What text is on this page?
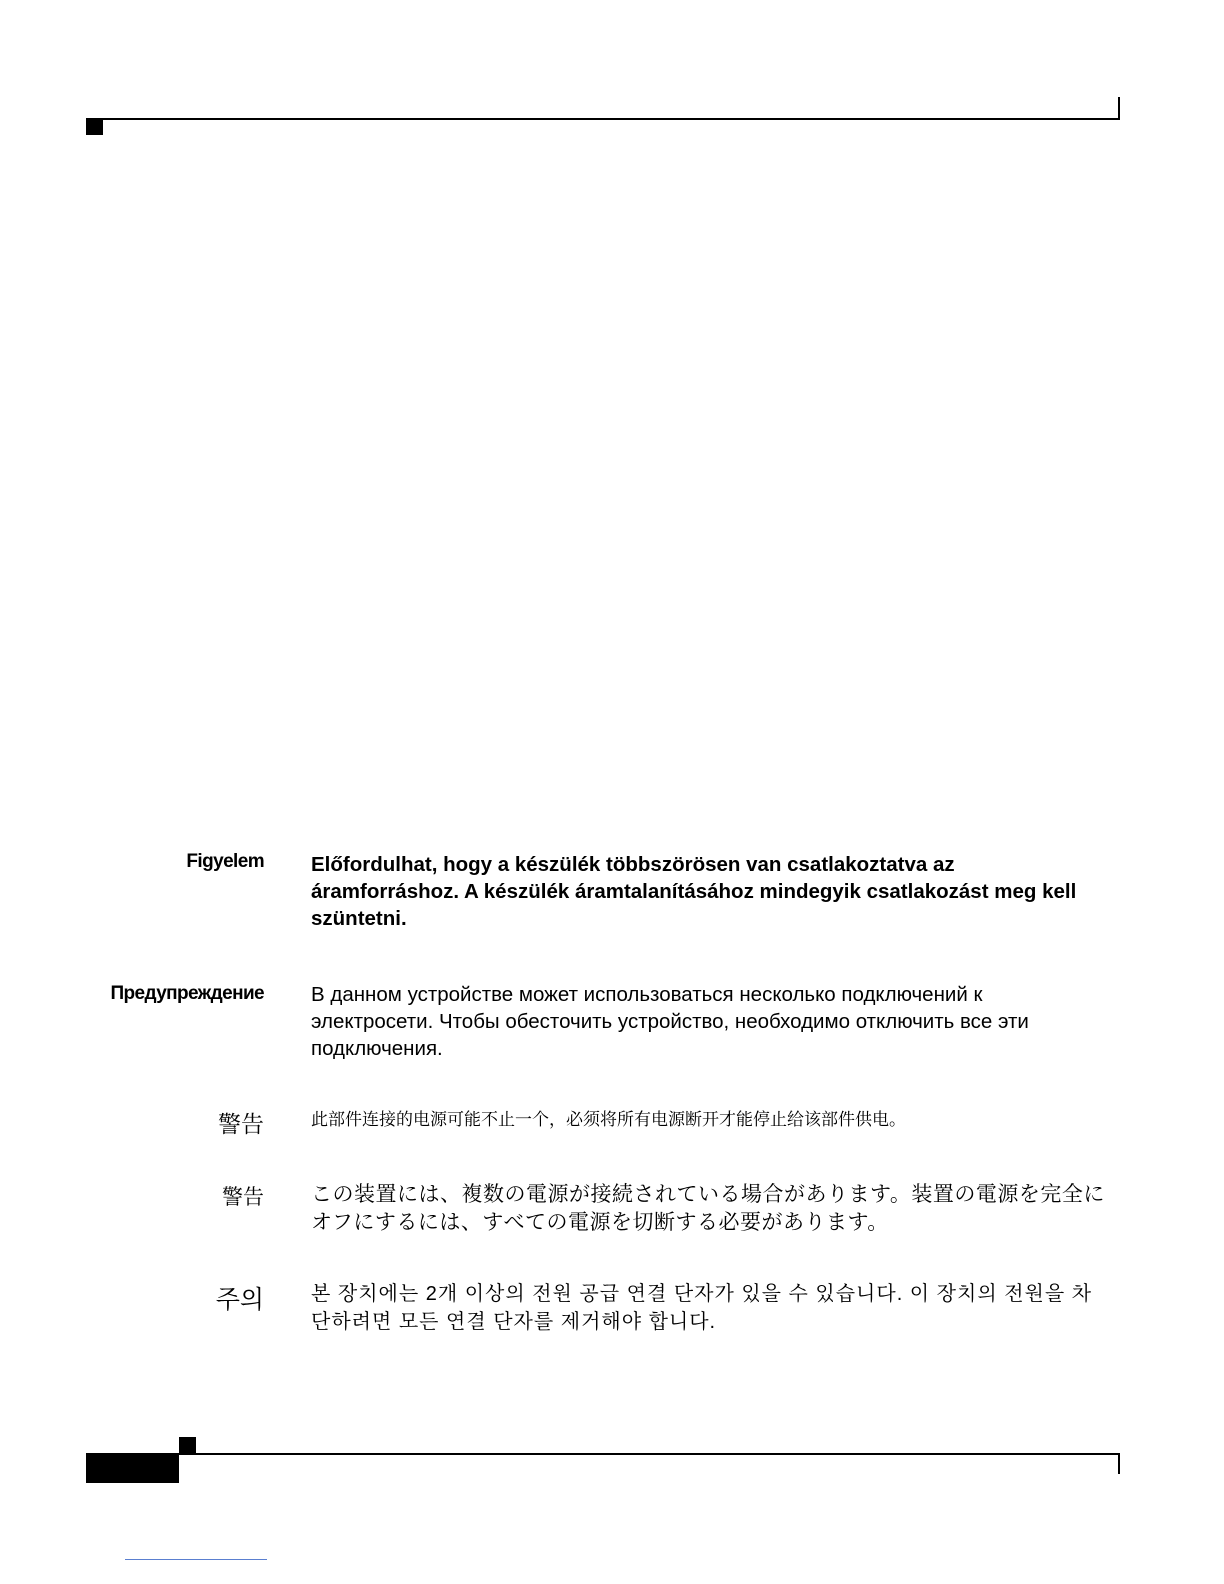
Figyelem Előfordulhat, hogy a készülék többszörösen van csatlakoztatva az áramforráshoz. A készülék áramtalanításához mindegyik csatlakozást meg kell szüntetni.
Предупреждение В данном устройстве может использоваться несколько подключений к электросети. Чтобы обесточить устройство, необходимо отключить все эти подключения.
警告	此部件连接的电源可能不止一个，必须将所有电源断开才能停止给该部件供电。
警告 この装置には、複数の電源が接続されている場合があります。装置の電源を完全にオフにするには、すべての電源を切断する必要があります。
주의 본 장치에는 2개 이상의 전원 공급 연결 단자가 있을 수 있습니다. 이 장치의 전원을 차단하려면 모든 연결 단자를 제거해야 합니다.
